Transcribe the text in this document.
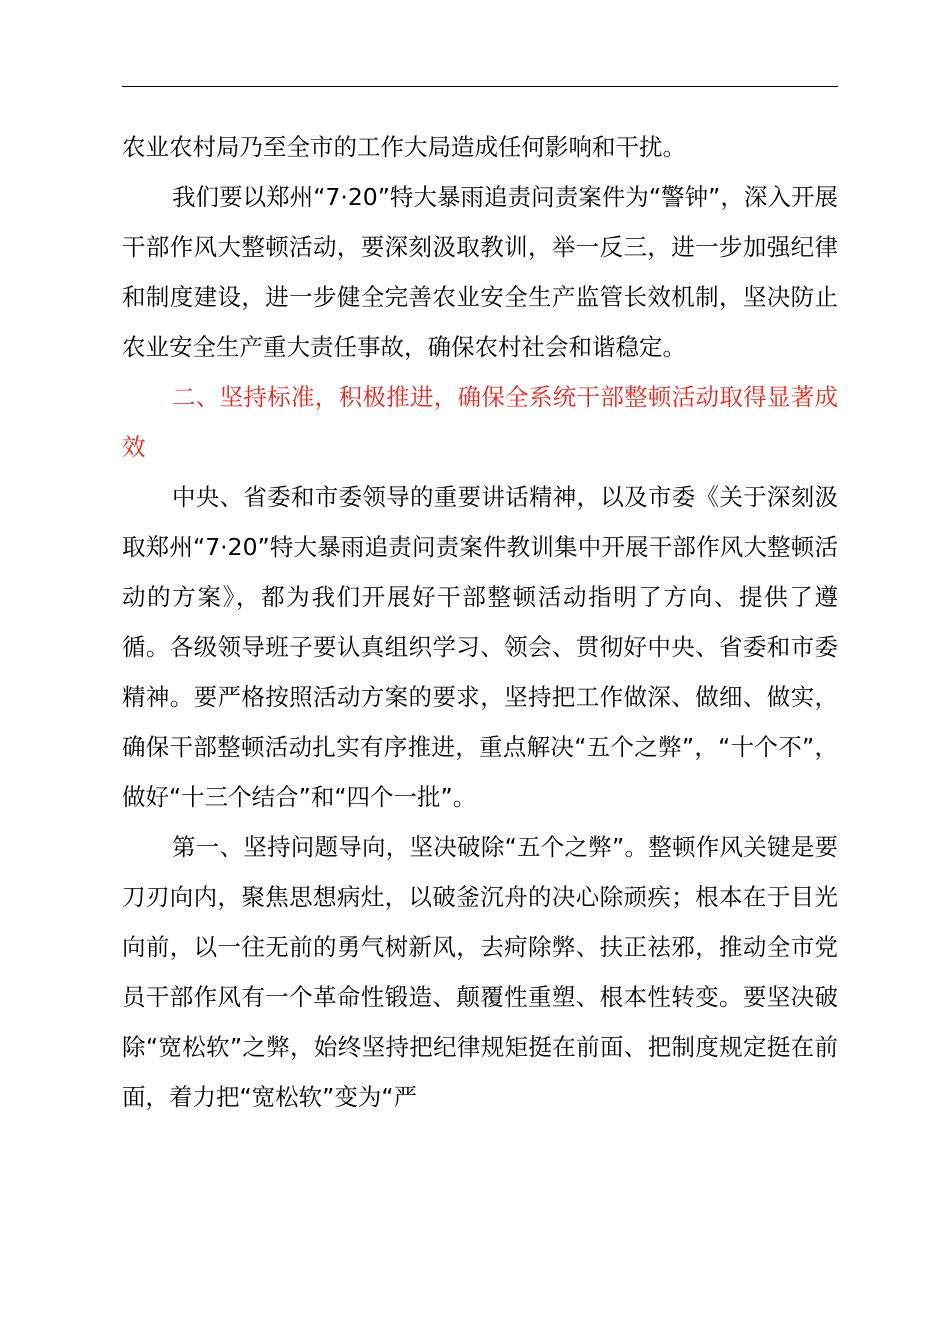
农业农村局乃至全市的工作大局造成任何影响和干扰。

我们要以郑州“7·20”特大暴雨追责问责案件为“警钟”，深入开展干部作风大整顿活动，要深刻汲取教训，举一反三，进一步加强纪律和制度建设，进一步健全完善农业安全生产监管长效机制，坚决防止农业安全生产重大责任事故，确保农村社会和谐稳定。

二、坚持标准，积极推进，确保全系统干部整顿活动取得显著成效

中央、省委和市委领导的重要讲话精神，以及市委《关于深刻汲取郑州“7·20”特大暴雨追责问责案件教训集中开展干部作风大整顿活动的方案》，都为我们开展好干部整顿活动指明了方向、提供了遵循。各级领导班子要认真组织学习、领会、贯彻好中央、省委和市委精神。要严格按照活动方案的要求，坚持把工作做深、做细、做实，确保干部整顿活动扎实有序推进，重点解决“五个之弊”，“十个不”，做好“十三个结合”和“四个一批”。

第一、坚持问题导向，坚决破除“五个之弊”。整顿作风关键是要刀刃向内，聚焦思想病灶，以破釜沉舟的决心除顽疾；根本在于目光向前，以一往无前的勇气树新风，去疴除弊、扶正祛邪，推动全市党员干部作风有一个革命性锻造、颠覆性重塑、根本性转变。要坚决破除“宽松软”之弊，始终坚持把纪律规矩挺在前面、把制度规定挺在前面，着力把“宽松软”变为“严
